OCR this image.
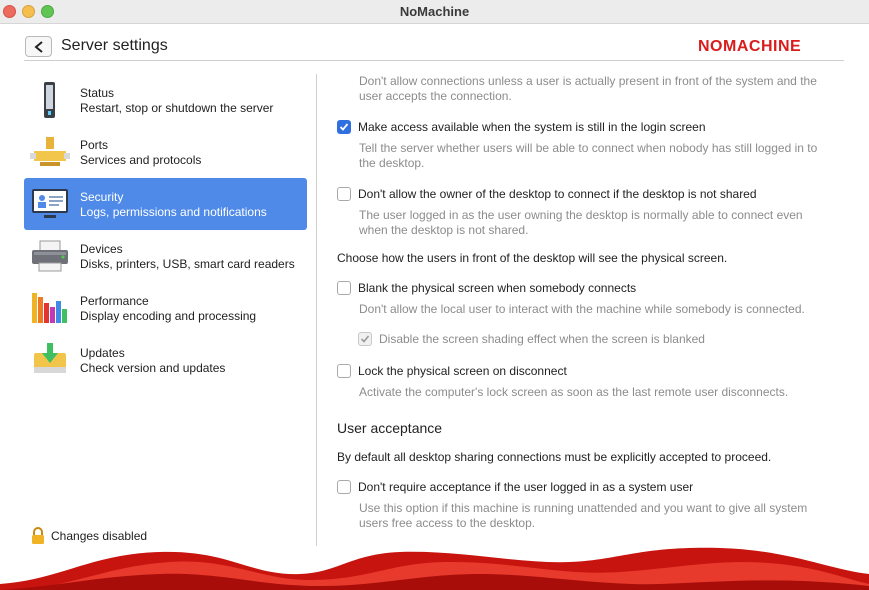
NoMachine
Server settings	NOMACHINE
Status
Restart, stop or shutdown the server
Ports
Services and protocols
Security
Logs, permissions and notifications
Devices
Disks, printers, USB, smart card readers
Performance
Display encoding and processing
Updates
Check version and updates
Changes disabled
Don't allow connections unless a user is actually present in front of the system and the
user accepts the connection.
Make access available when the system is still in the login screen
Tell the server whether users will be able to connect when nobody has still logged in to
the desktop.
Don't allow the owner of the desktop to connect if the desktop is not shared
The user logged in as the user owning the desktop is normally able to connect even
when the desktop is not shared.
Choose how the users in front of the desktop will see the physical screen.
Blank the physical screen when somebody connects
Don't allow the local user to interact with the machine while somebody is connected.
Disable the screen shading effect when the screen is blanked
Lock the physical screen on disconnect
Activate the computer's lock screen as soon as the last remote user disconnects.
User acceptance
By default all desktop sharing connections must be explicitly accepted to proceed.
Don't require acceptance if the user logged in as a system user
Use this option if this machine is running unattended and you want to give all system
users free access to the desktop.
